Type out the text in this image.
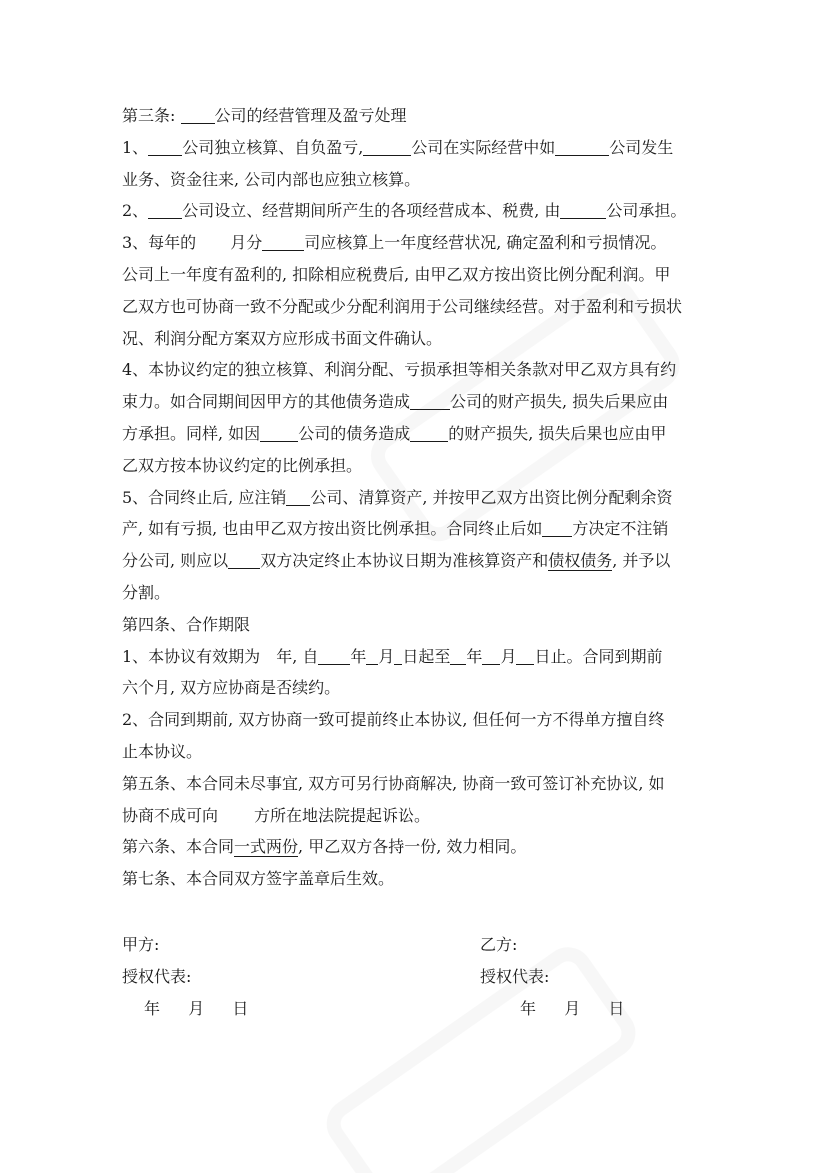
第三条: 公司的经营管理及盈亏处理
1、 公司独立核算、自负盈亏,	公司在实际经营中如	公司发生
业务、资金往来, 公司内部也应独立核算。
2、 公司设立、经营期间所产生的各项经营成本、税费, 由	公司承担。
3、每年的 月分	司应核算上一年度经营状况, 确定盈利和亏损情况。
公司上一年度有盈利的, 扣除相应税费后, 由甲乙双方按出资比例分配利润。甲
乙双方也可协商一致不分配或少分配利润用于公司继续经营。对于盈利和亏损状
况、利润分配方案双方应形成书面文件确认。
4、本协议约定的独立核算、利润分配、亏损承担等相关条款对甲乙双方具有约
束力。如合同期间因甲方的其他债务造成	公司的财产损失, 损失后果应由
方承担。同样, 如因 公司的债务造成 的财产损失, 损失后果也应由甲
乙双方按本协议约定的比例承担。
5、合同终止后, 应注销 公司、清算资产, 并按甲乙双方出资比例分配剩余资
产, 如有亏损, 也由甲乙双方按出资比例承担。合同终止后如 方决定不注销
分公司, 则应以 双方决定终止本协议日期为准核算资产和债权债务, 并予以
分割。
第四条、合作期限
1、本协议有效期为 年, 自 年 月 日起至 年 月 日止。合同到期前
六个月, 双方应协商是否续约。
2、合同到期前, 双方协商一致可提前终止本协议, 但任何一方不得单方擅自终
止本协议。
第五条、本合同未尽事宜, 双方可另行协商解决, 协商一致可签订补充协议, 如
协商不成可向 方所在地法院提起诉讼。
第六条、本合同一式两份, 甲乙双方各持一份, 效力相同。
第七条、本合同双方签字盖章后生效。
甲方:	乙方:
授权代表:	授权代表:
年 月 日	年 月 日
